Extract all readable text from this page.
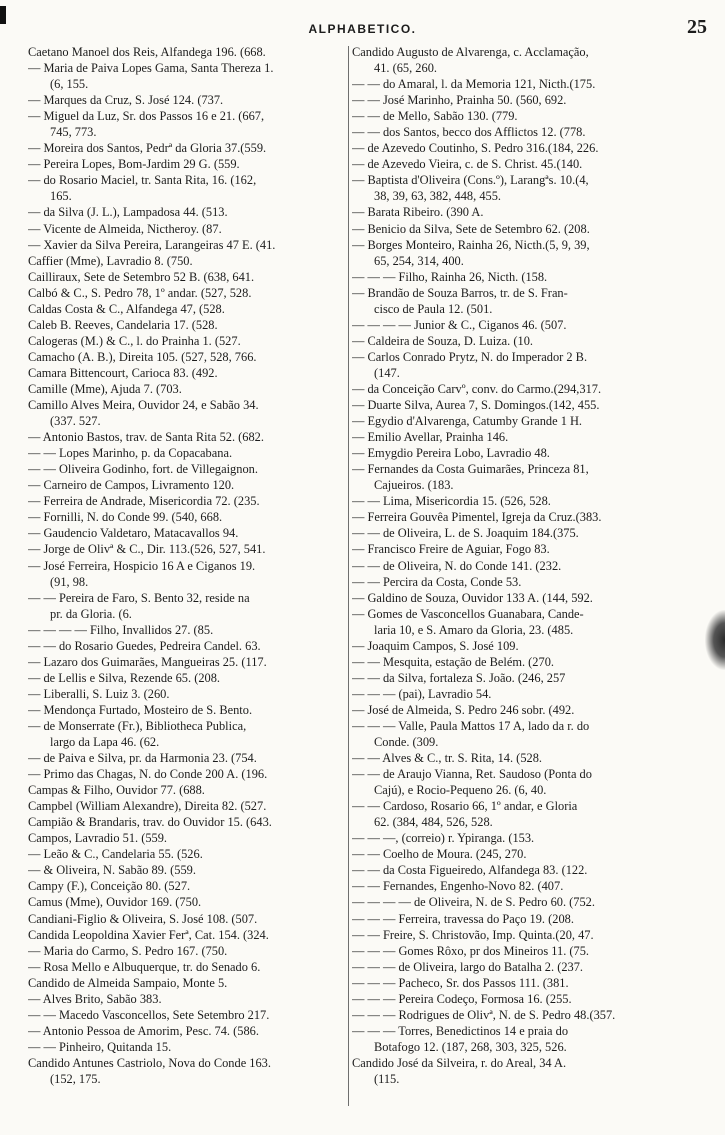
ALPHABETICO.	25
Caetano Manoel dos Reis, Alfandega 196. (668.
— Maria de Paiva Lopes Gama, Santa Thereza 1.
(6, 155.
— Marques da Cruz, S. José 124. (737.
— Miguel da Luz, Sr. dos Passos 16 e 21. (667,
745, 773.
— Moreira dos Santos, Pedrª da Gloria 37.(559.
— Pereira Lopes, Bom-Jardim 29 G. (559.
— do Rosario Maciel, tr. Santa Rita, 16. (162,
165.
— da Silva (J. L.), Lampadosa 44. (513.
— Vicente de Almeida, Nictheroy. (87.
— Xavier da Silva Pereira, Larangeiras 47 E. (41.
Caffier (Mme), Lavradio 8. (750.
Cailliraux, Sete de Setembro 52 B. (638, 641.
Calbó & C., S. Pedro 78, 1º andar. (527, 528.
Caldas Costa & C., Alfandega 47, (528.
Caleb B. Reeves, Candelaria 17. (528.
Calogeras (M.) & C., l. do Prainha 1. (527.
Camacho (A. B.), Direita 105. (527, 528, 766.
Camara Bittencourt, Carioca 83. (492.
Camille (Mme), Ajuda 7. (703.
Camillo Alves Meira, Ouvidor 24, e Sabão 34.
(337. 527.
— Antonio Bastos, trav. de Santa Rita 52. (682.
— — Lopes Marinho, p. da Copacabana.
— — Oliveira Godinho, fort. de Villegaignon.
— Carneiro de Campos, Livramento 120.
— Ferreira de Andrade, Misericordia 72. (235.
— Fornilli, N. do Conde 99. (540, 668.
— Gaudencio Valdetaro, Matacavallos 94.
— Jorge de Olivª & C., Dir. 113.(526, 527, 541.
— José Ferreira, Hospicio 16 A e Ciganos 19.
(91, 98.
— — Pereira de Faro, S. Bento 32, reside na
pr. da Gloria. (6.
— — — — Filho, Invallidos 27. (85.
— — do Rosario Guedes, Pedreira Candel. 63.
— Lazaro dos Guimarães, Mangueiras 25. (117.
— de Lellis e Silva, Rezende 65. (208.
— Liberalli, S. Luiz 3. (260.
— Mendonça Furtado, Mosteiro de S. Bento.
— de Monserrate (Fr.), Bibliotheca Publica,
largo da Lapa 46. (62.
— de Paiva e Silva, pr. da Harmonia 23. (754.
— Primo das Chagas, N. do Conde 200 A. (196.
Campas & Filho, Ouvidor 77. (688.
Campbel (William Alexandre), Direita 82. (527.
Campião & Brandaris, trav. do Ouvidor 15. (643.
Campos, Lavradio 51. (559.
— Leão & C., Candelaria 55. (526.
— & Oliveira, N. Sabão 89. (559.
Campy (F.), Conceição 80. (527.
Camus (Mme), Ouvidor 169. (750.
Candiani-Figlio & Oliveira, S. José 108. (507.
Candida Leopoldina Xavier Ferª, Cat. 154. (324.
— Maria do Carmo, S. Pedro 167. (750.
— Rosa Mello e Albuquerque, tr. do Senado 6.
Candido de Almeida Sampaio, Monte 5.
— Alves Brito, Sabão 383.
— — Macedo Vasconcellos, Sete Setembro 217.
— Antonio Pessoa de Amorim, Pesc. 74. (586.
— — Pinheiro, Quitanda 15.
Candido Antunes Castriolo, Nova do Conde 163.
(152, 175.
Candido Augusto de Alvarenga, c. Acclamação,
41. (65, 260.
— — do Amaral, l. da Memoria 121, Nicth.(175.
— — José Marinho, Prainha 50. (560, 692.
— — de Mello, Sabão 130. (779.
— — dos Santos, becco dos Afflictos 12. (778.
— de Azevedo Coutinho, S. Pedro 316.(184, 226.
— de Azevedo Vieira, c. de S. Christ. 45.(140.
— Baptista d'Oliveira (Cons.º), Larangªs. 10.(4,
38, 39, 63, 382, 448, 455.
— Barata Ribeiro. (390 A.
— Benicio da Silva, Sete de Setembro 62. (208.
— Borges Monteiro, Rainha 26, Nicth.(5, 9, 39,
65, 254, 314, 400.
— — — Filho, Rainha 26, Nicth. (158.
— Brandão de Souza Barros, tr. de S. Fran-
cisco de Paula 12. (501.
— — — — Junior & C., Ciganos 46. (507.
— Caldeira de Souza, D. Luiza. (10.
— Carlos Conrado Prytz, N. do Imperador 2 B.
(147.
— da Conceição Carvº, conv. do Carmo.(294,317.
— Duarte Silva, Aurea 7, S. Domingos.(142, 455.
— Egydio d'Alvarenga, Catumby Grande 1 H.
— Emilio Avellar, Prainha 146.
— Emygdio Pereira Lobo, Lavradio 48.
— Fernandes da Costa Guimarães, Princeza 81,
Cajueiros. (183.
— — Lima, Misericordia 15. (526, 528.
— Ferreira Gouvêa Pimentel, Igreja da Cruz.(383.
— — de Oliveira, L. de S. Joaquim 184.(375.
— Francisco Freire de Aguiar, Fogo 83.
— — de Oliveira, N. do Conde 141. (232.
— — Percira da Costa, Conde 53.
— Galdino de Souza, Ouvidor 133 A. (144, 592.
— Gomes de Vasconcellos Guanabara, Cande-
laria 10, e S. Amaro da Gloria, 23. (485.
— Joaquim Campos, S. José 109.
— — Mesquita, estação de Belém. (270.
— — da Silva, fortaleza S. João. (246, 257
— — — (pai), Lavradio 54.
— José de Almeida, S. Pedro 246 sobr. (492.
— — — Valle, Paula Mattos 17 A, lado da r. do
Conde. (309.
— — Alves & C., tr. S. Rita, 14. (528.
— — de Araujo Vianna, Ret. Saudoso (Ponta do
Cajú), e Rocio-Pequeno 26. (6, 40.
— — Cardoso, Rosario 66, 1º andar, e Gloria
62. (384, 484, 526, 528.
— — —, (correio) r. Ypiranga. (153.
— — Coelho de Moura. (245, 270.
— — da Costa Figueiredo, Alfandega 83. (122.
— — Fernandes, Engenho-Novo 82. (407.
— — — — de Oliveira, N. de S. Pedro 60. (752.
— — — Ferreira, travessa do Paço 19. (208.
— — Freire, S. Christovão, Imp. Quinta.(20, 47.
— — — Gomes Rôxo, pr dos Mineiros 11. (75.
— — — de Oliveira, largo do Batalha 2. (237.
— — — Pacheco, Sr. dos Passos 111. (381.
— — — Pereira Codeço, Formosa 16. (255.
— — — Rodrigues de Olivª, N. de S. Pedro 48.(357.
— — — Torres, Benedictinos 14 e praia do
Botafogo 12. (187, 268, 303, 325, 526.
Candido José da Silveira, r. do Areal, 34 A.
(115.
